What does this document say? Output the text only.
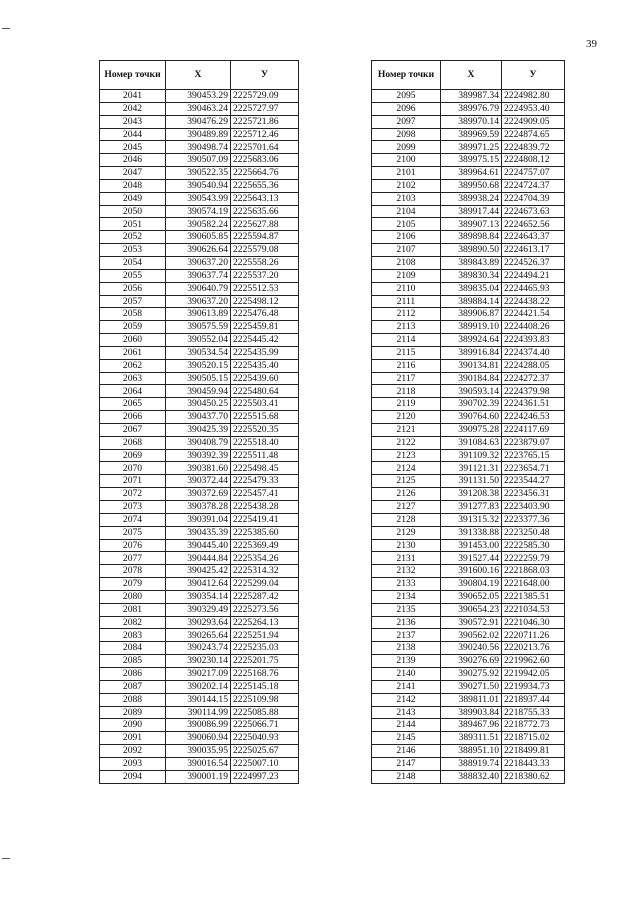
39
Номер точки	X	У
2041	390453.29	2225729.09
2042	390463.24	2225727.97
2043	390476.29	2225721.86
2044	390489.89	2225712.46
2045	390498.74	2225701.64
2046	390507.09	2225683.06
2047	390522.35	2225664.76
2048	390540.94	2225655.36
2049	390543.99	2225643.13
2050	390574.19	2225635.66
2051	390582.24	2225627.88
2052	390605.85	2225594.87
2053	390626.64	2225579.08
2054	390637.20	2225558.26
2055	390637.74	2225537.20
2056	390640.79	2225512.53
2057	390637.20	2225498.12
2058	390613.89	2225476.48
2059	390575.59	2225459.81
2060	390552.04	2225445.42
2061	390534.54	2225435.99
2062	390520.15	2225435.40
2063	390505.15	2225439.60
2064	390459.94	2225480.64
2065	390450.25	2225503.41
2066	390437.70	2225515.68
2067	390425.39	2225520.35
2068	390408.79	2225518.40
2069	390392.39	2225511.48
2070	390381.60	2225498.45
2071	390372.44	2225479.33
2072	390372.69	2225457.41
2073	390378.28	2225438.28
2074	390391.04	2225419.41
2075	390435.39	2225385.60
2076	390445.40	2225369.49
2077	390444.84	2225354.26
2078	390425.42	2225314.32
2079	390412.64	2225299.04
2080	390354.14	2225287.42
2081	390329.49	2225273.56
2082	390293.64	2225264.13
2083	390265.64	2225251.94
2084	390243.74	2225235.03
2085	390230.14	2225201.75
2086	390217.09	2225168.76
2087	390202.14	2225145.18
2088	390144.15	2225109.98
2089	390114.99	2225085.88
2090	390086.99	2225066.71
2091	390060.94	2225040.93
2092	390035.95	2225025.67
2093	390016.54	2225007.10
2094	390001.19	2224997.23
Номер точки	X	У
2095	389987.34	2224982.80
2096	389976.79	2224953.40
2097	389970.14	2224909.05
2098	389969.59	2224874.65
2099	389971.25	2224839.72
2100	389975.15	2224808.12
2101	389964.61	2224757.07
2102	389950.68	2224724.37
2103	389938.24	2224704.39
2104	389917.44	2224673.63
2105	389907.13	2224652.56
2106	389898.84	2224643.37
2107	389890.50	2224613.17
2108	389843.89	2224526.37
2109	389830.34	2224494.21
2110	389835.04	2224465.93
2111	389884.14	2224438.22
2112	389906.87	2224421.54
2113	389919.10	2224408.26
2114	389924.64	2224393.83
2115	389916.84	2224374.40
2116	390134.81	2224288.05
2117	390184.84	2224272.37
2118	390593.14	2224379.98
2119	390702.39	2224361.51
2120	390764.60	2224246.53
2121	390975.28	2224117.69
2122	391084.63	2223879.07
2123	391109.32	2223765.15
2124	391121.31	2223654.71
2125	391131.50	2223544.27
2126	391208.38	2223456.31
2127	391277.83	2223403.90
2128	391315.32	2223377.36
2129	391338.88	2223250.48
2130	391453.00	2222585.30
2131	391527.44	2222259.79
2132	391600.16	2221868.03
2133	390804.19	2221648.00
2134	390652.05	2221385.51
2135	390654.23	2221034.53
2136	390572.91	2221046.30
2137	390562.02	2220711.26
2138	390240.56	2220213.76
2139	390276.69	2219962.60
2140	390275.92	2219942.05
2141	390271.50	2219934.73
2142	389811.01	2218937.44
2143	389903.84	2218755.33
2144	389467.96	2218772.73
2145	389311.51	2218715.02
2146	388951.10	2218499.81
2147	388919.74	2218443.33
2148	388832.40	2218380.62
